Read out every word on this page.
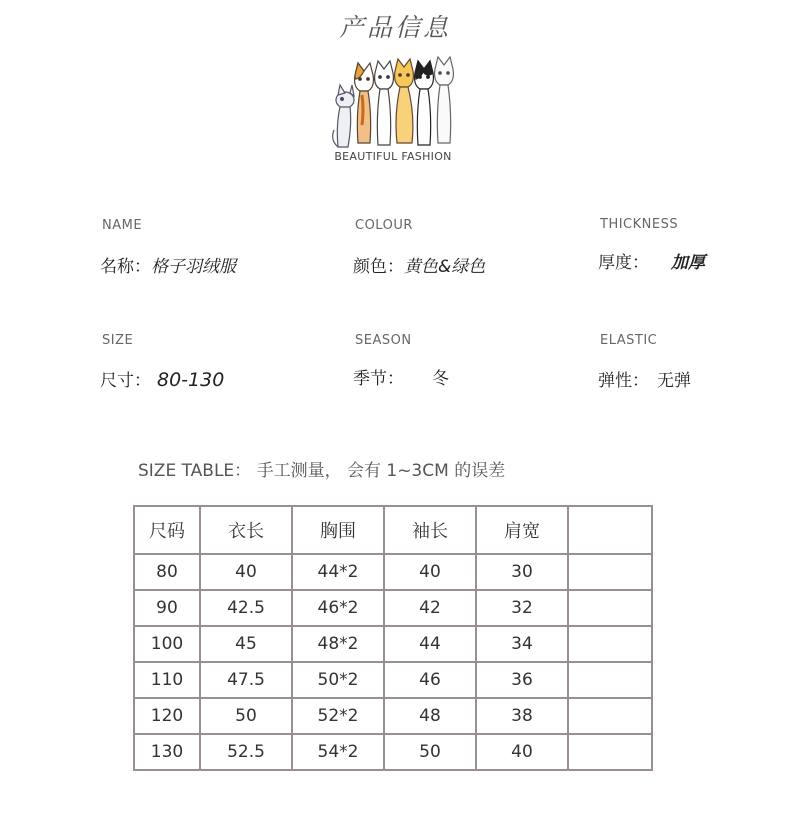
产品信息
BEAUTIFUL FASHION
NAME
名称：格子羽绒服
COLOUR
颜色：黄色&绿色
THICKNESS
厚度： 加厚
SIZE
尺寸： 80-130
SEASON
季节： 冬
ELASTIC
弹性： 无弹
SIZE TABLE： 手工测量， 会有 1~3CM 的误差
尺码	衣长	胸围	袖长	肩宽	
80	40	44*2	40	30	
90	42.5	46*2	42	32	
100	45	48*2	44	34	
110	47.5	50*2	46	36	
120	50	52*2	48	38	
130	52.5	54*2	50	40	
